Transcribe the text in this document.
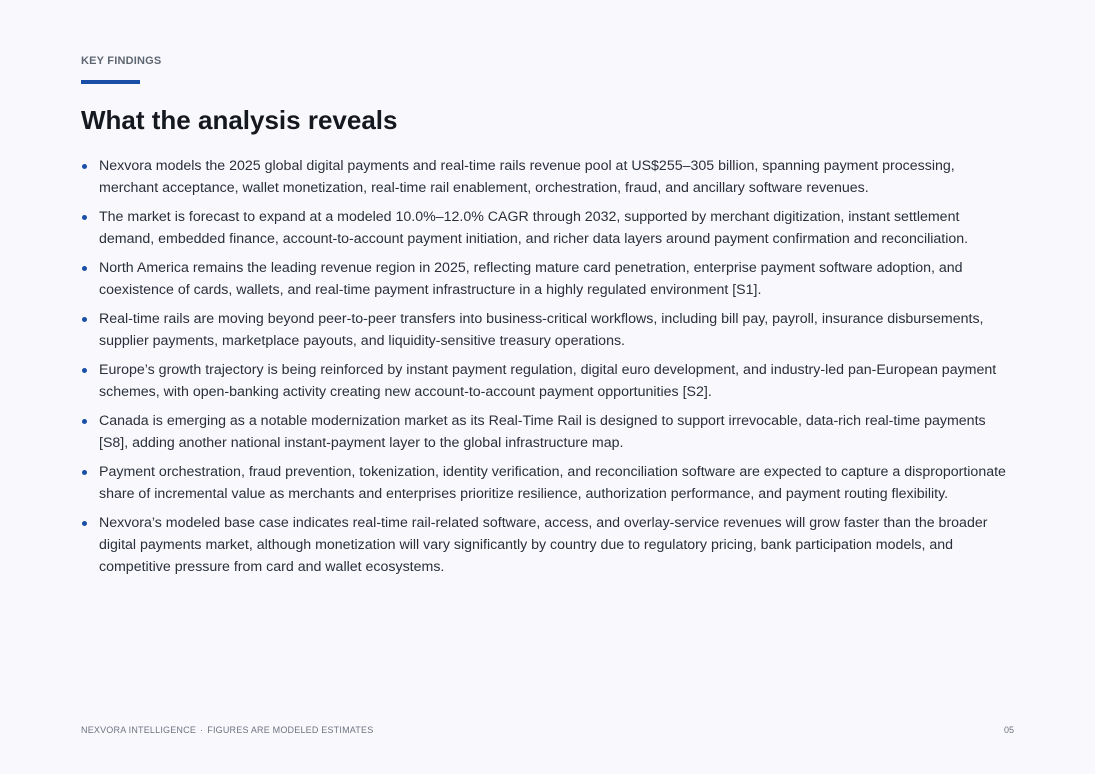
KEY FINDINGS
What the analysis reveals
Nexvora models the 2025 global digital payments and real-time rails revenue pool at US$255–305 billion, spanning payment processing, merchant acceptance, wallet monetization, real-time rail enablement, orchestration, fraud, and ancillary software revenues.
The market is forecast to expand at a modeled 10.0%–12.0% CAGR through 2032, supported by merchant digitization, instant settlement demand, embedded finance, account-to-account payment initiation, and richer data layers around payment confirmation and reconciliation.
North America remains the leading revenue region in 2025, reflecting mature card penetration, enterprise payment software adoption, and coexistence of cards, wallets, and real-time payment infrastructure in a highly regulated environment [S1].
Real-time rails are moving beyond peer-to-peer transfers into business-critical workflows, including bill pay, payroll, insurance disbursements, supplier payments, marketplace payouts, and liquidity-sensitive treasury operations.
Europe’s growth trajectory is being reinforced by instant payment regulation, digital euro development, and industry-led pan-European payment schemes, with open-banking activity creating new account-to-account payment opportunities [S2].
Canada is emerging as a notable modernization market as its Real-Time Rail is designed to support irrevocable, data-rich real-time payments [S8], adding another national instant-payment layer to the global infrastructure map.
Payment orchestration, fraud prevention, tokenization, identity verification, and reconciliation software are expected to capture a disproportionate share of incremental value as merchants and enterprises prioritize resilience, authorization performance, and payment routing flexibility.
Nexvora’s modeled base case indicates real-time rail-related software, access, and overlay-service revenues will grow faster than the broader digital payments market, although monetization will vary significantly by country due to regulatory pricing, bank participation models, and competitive pressure from card and wallet ecosystems.
NEXVORA INTELLIGENCE · FIGURES ARE MODELED ESTIMATES	05
